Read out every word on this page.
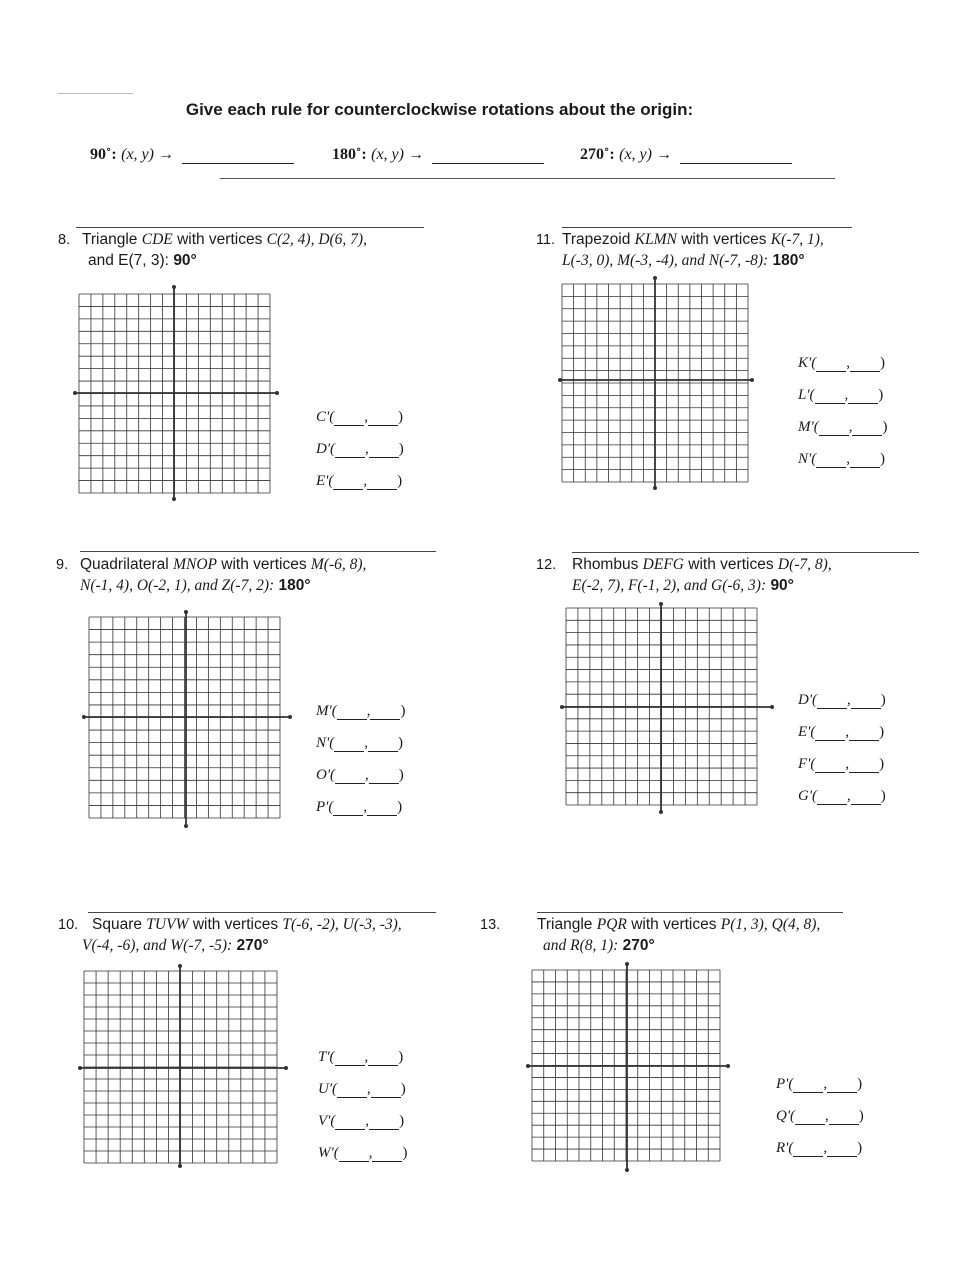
Give each rule for counterclockwise rotations about the origin:
90˚: (x, y) →	180˚: (x, y) →	270˚: (x, y) →
8. Triangle CDE with vertices C(2, 4), D(6, 7),
and E(7, 3): 90°
C'( , )
D'( , )
E'( , )
11. Trapezoid KLMN with vertices K(-7, 1),
L(-3, 0), M(-3, -4), and N(-7, -8): 180°
K'( , )
L'( , )
M'( , )
N'( , )
9. Quadrilateral MNOP with vertices M(-6, 8),
N(-1, 4), O(-2, 1), and Z(-7, 2): 180°
M'( , )
N'( , )
O'( , )
P'( , )
12. Rhombus DEFG with vertices D(-7, 8),
E(-2, 7), F(-1, 2), and G(-6, 3): 90°
D'( , )
E'( , )
F'( , )
G'( , )
10. Square TUVW with vertices T(-6, -2), U(-3, -3),
V(-4, -6), and W(-7, -5): 270°
T'( , )
U'( , )
V'( , )
W'( , )
13. Triangle PQR with vertices P(1, 3), Q(4, 8),
and R(8, 1): 270°
P'( , )
Q'( , )
R'( , )
